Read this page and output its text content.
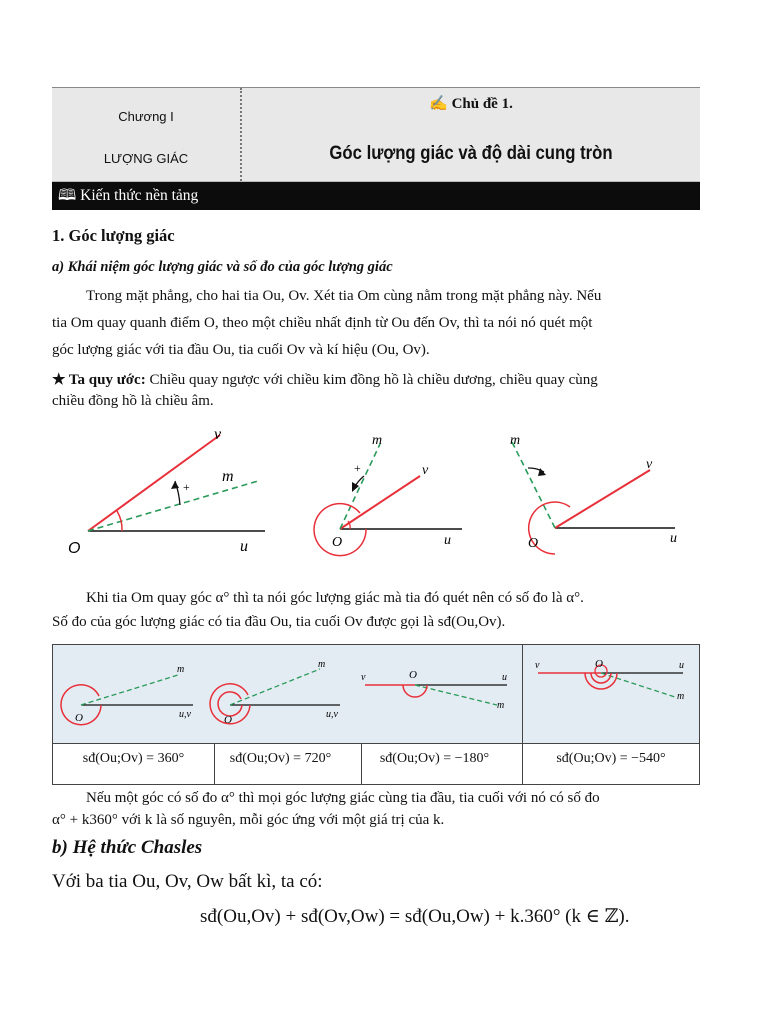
Chương I
LƯỢNG GIÁC
✍ Chủ đề 1.
Góc lượng giác và độ dài cung tròn
🕮 Kiến thức nền tảng
1. Góc lượng giác
a) Khái niệm góc lượng giác và số đo của góc lượng giác
Trong mặt phẳng, cho hai tia Ou, Ov. Xét tia Om cùng nằm trong mặt phẳng này. Nếu
tia Om quay quanh điểm O, theo một chiều nhất định từ Ou đến Ov, thì ta nói nó quét một
góc lượng giác với tia đầu Ou, tia cuối Ov và kí hiệu (Ou, Ov).
★ Ta quy ước: Chiều quay ngược với chiều kim đồng hồ là chiều dương, chiều quay cùng
chiều đồng hồ là chiều âm.
+
O	u
v
m	+
O	u
v
m
O	u
v
m
Khi tia Om quay góc α° thì ta nói góc lượng giác mà tia đó quét nên có số đo là α°.
Số đo của góc lượng giác có tia đầu Ou, tia cuối Ov được gọi là sđ(Ou,Ov).
O	u,v
m
sđ(Ou;Ov) = 360°
O	u,v
m
sđ(Ou;Ov) = 720°
v	O	u
m
sđ(Ou;Ov) = −180°
v	O	u
m
sđ(Ou;Ov) = −540°
Nếu một góc có số đo α° thì mọi góc lượng giác cùng tia đầu, tia cuối với nó có số đo
α° + k360° với k là số nguyên, mỗi góc ứng với một giá trị của k.
b) Hệ thức Chasles
Với ba tia Ou, Ov, Ow bất kì, ta có:
sđ(Ou,Ov) + sđ(Ov,Ow) = sđ(Ou,Ow) + k.360° (k ∈ ℤ).
